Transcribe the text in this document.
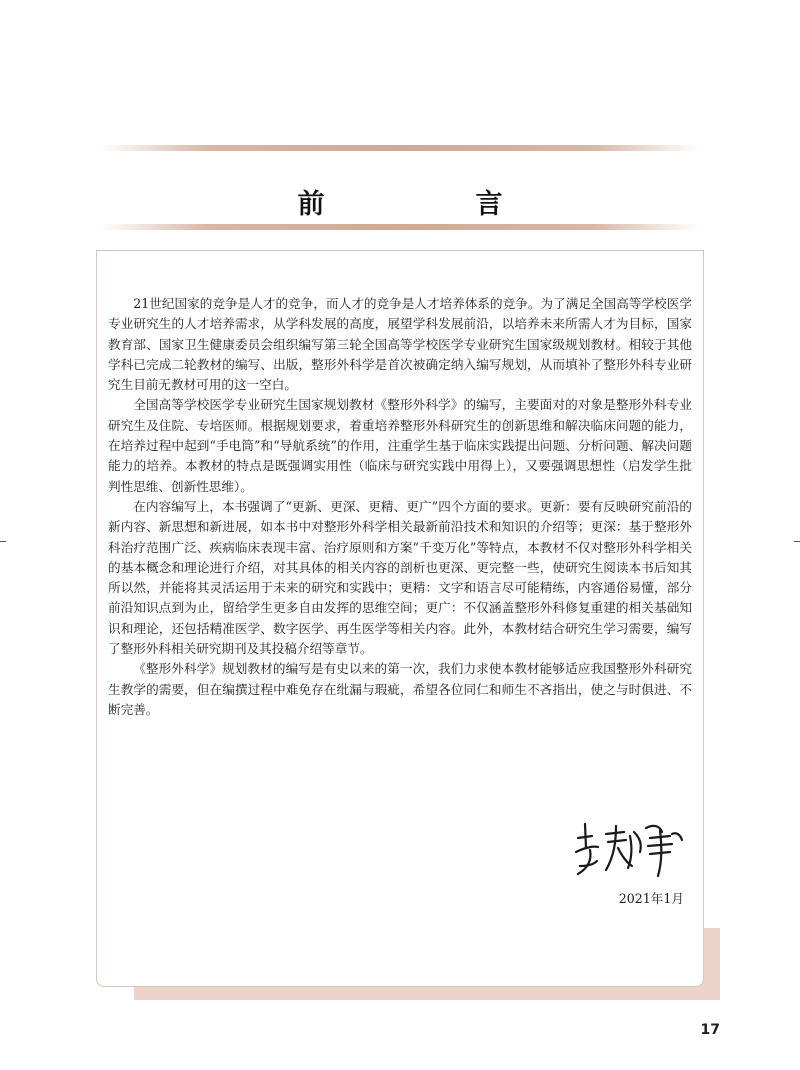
前　言

21世纪国家的竞争是人才的竞争，而人才的竞争是人才培养体系的竞争。为了满足全国高等学校医学专业研究生的人才培养需求，从学科发展的高度，展望学科发展前沿，以培养未来所需人才为目标，国家教育部、国家卫生健康委员会组织编写第三轮全国高等学校医学专业研究生国家级规划教材。相较于其他学科已完成二轮教材的编写、出版，整形外科学是首次被确定纳入编写规划，从而填补了整形外科专业研究生目前无教材可用的这一空白。

全国高等学校医学专业研究生国家规划教材《整形外科学》的编写，主要面对的对象是整形外科专业研究生及住院、专培医师。根据规划要求，着重培养整形外科研究生的创新思维和解决临床问题的能力，在培养过程中起到“手电筒”和“导航系统”的作用，注重学生基于临床实践提出问题、分析问题、解决问题能力的培养。本教材的特点是既强调实用性（临床与研究实践中用得上），又要强调思想性（启发学生批判性思维、创新性思维）。

在内容编写上，本书强调了“更新、更深、更精、更广”四个方面的要求。更新：要有反映研究前沿的新内容、新思想和新进展，如本书中对整形外科学相关最新前沿技术和知识的介绍等；更深：基于整形外科治疗范围广泛、疾病临床表现丰富、治疗原则和方案“千变万化”等特点，本教材不仅对整形外科学相关的基本概念和理论进行介绍，对其具体的相关内容的剖析也更深、更完整一些，使研究生阅读本书后知其所以然，并能将其灵活运用于未来的研究和实践中；更精：文字和语言尽可能精练，内容通俗易懂，部分前沿知识点到为止，留给学生更多自由发挥的思维空间；更广：不仅涵盖整形外科修复重建的相关基础知识和理论，还包括精准医学、数字医学、再生医学等相关内容。此外，本教材结合研究生学习需要，编写了整形外科相关研究期刊及其投稿介绍等章节。

《整形外科学》规划教材的编写是有史以来的第一次，我们力求使本教材能够适应我国整形外科研究生教学的需要，但在编撰过程中难免存在纰漏与瑕疵，希望各位同仁和师生不吝指出，使之与时俱进、不断完善。

2021年1月
17
